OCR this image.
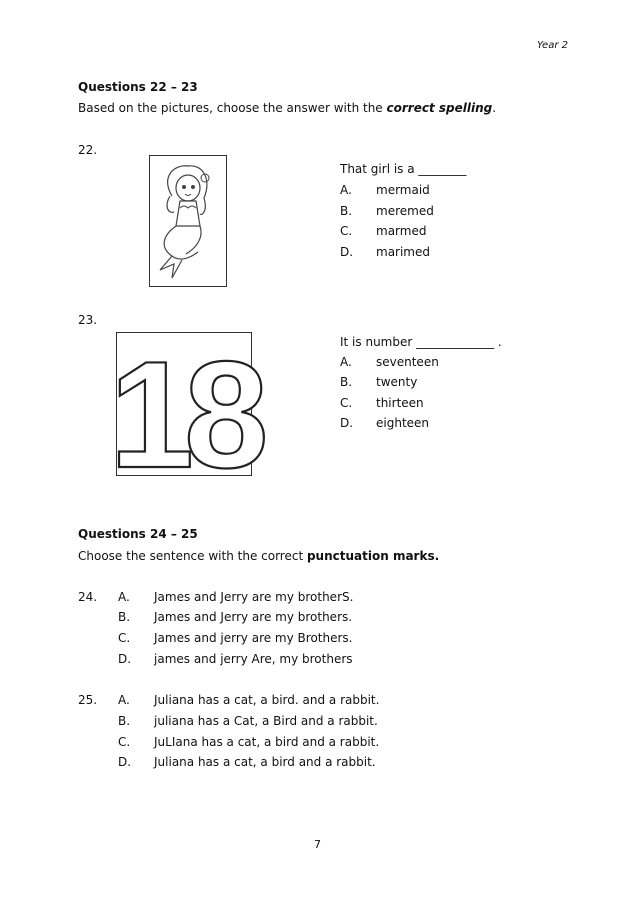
Year 2
Questions 22 – 23
Based on the pictures, choose the answer with the correct spelling.
22.
That girl is a ________
A. mermaid
B. meremed
C. marmed
D. marimed
23.
18	It is number _____________ .
A. seventeen
B. twenty
C. thirteen
D. eighteen
Questions 24 – 25
Choose the sentence with the correct punctuation marks.
24. A. James and Jerry are my brotherS.
B. James and Jerry are my brothers.
C. James and jerry are my Brothers.
D. james and jerry Are, my brothers
25. A. Juliana has a cat, a bird. and a rabbit.
B. juliana has a Cat, a Bird and a rabbit.
C. JuLIana has a cat, a bird and a rabbit.
D. Juliana has a cat, a bird and a rabbit.
7
